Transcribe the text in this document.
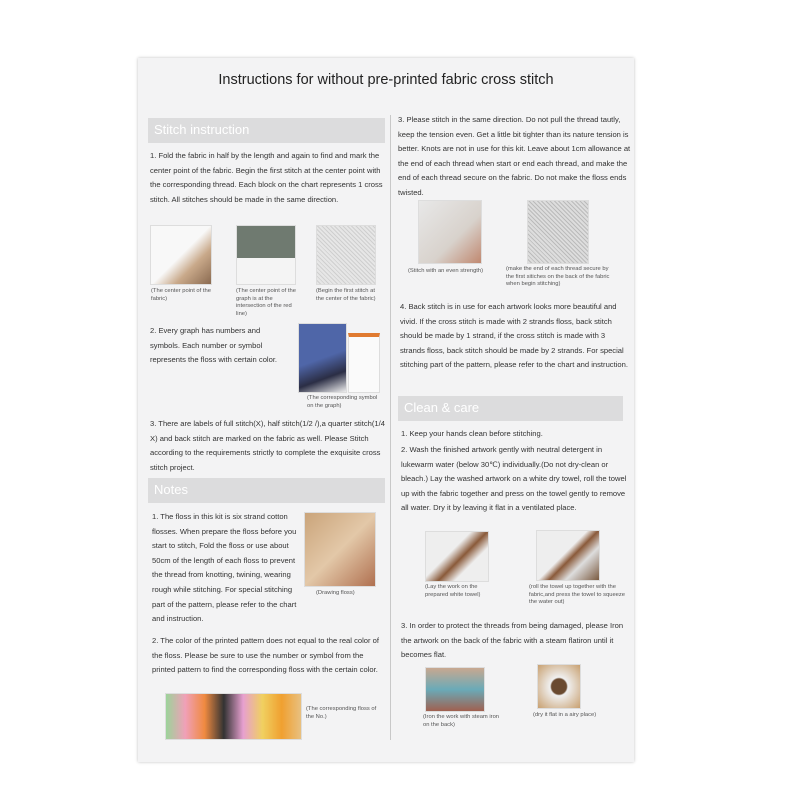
Instructions for without pre-printed fabric cross stitch
Stitch instruction
1. Fold the fabric in half by the length and again to find and mark the center point of the fabric. Begin the first stitch at the center point with the corresponding thread. Each block on the chart represents 1 cross stitch. All stitches should be made in the same direction.
(The center point of the fabric)
(The center point of the graph is at the intersection of the red line)
(Begin the first stitch at the center of the fabric)
2. Every graph has numbers and symbols. Each number or symbol represents the floss with certain color.
(The corresponding symbol on the graph)
3. There are labels of full stitch(X), half stitch(1/2 /),a quarter stitch(1/4 X) and back stitch are marked on the fabric as well. Please Stitch according to the requirements strictly to complete the exquisite cross stitch project.
Notes
1. The floss in this kit is six strand cotton flosses. When prepare the floss before you start to stitch, Fold the floss or use about 50cm of the length of each floss to prevent the thread from knotting, twining, wearing rough while stitching. For special stitching part of the pattern, please refer to the chart and instruction.
(Drawing floss)
2. The color of the printed pattern does not equal to the real color of the floss. Please be sure to use the number or symbol from the printed pattern to find the corresponding floss with the certain color.
(The corresponding floss of the No.)
3. Please stitch in the same direction. Do not pull the thread tautly, keep the tension even. Get a little bit tighter than its nature tension is better. Knots are not in use for this kit. Leave about 1cm allowance at the end of each thread when start or end each thread, and make the end of each thread secure on the fabric. Do not make the floss ends twisted.
(Stitch with an even strength)	(make the end of each thread secure by the first sitiches on the back of the fabric when begin stitching)
4. Back stitch is in use for each artwork looks more beautiful and vivid. If the cross stitch is made with 2 strands floss, back stitch should be made by 1 strand, if the cross stitch is made with 3 strands floss, back stitch should be made by 2 strands. For special stitching part of the pattern, please refer to the chart and instruction.
Clean & care
1. Keep your hands clean before stitching.
2. Wash the finished artwork gently with neutral detergent in lukewarm water (below 30℃) individually.(Do not dry-clean or bleach.) Lay the washed artwork on a white dry towel, roll the towel up with the fabric together and press on the towel gently to remove all water. Dry it by leaving it flat in a ventilated place.
(Lay the work on the prepared white towel)
(roll the towel up together with the fabric,and press the towel to squeeze the water out)
3. In order to protect the threads from being damaged, please Iron the artwork on the back of the fabric with a steam flatiron until it becomes flat.
(Iron the work with steam iron on the back)
(dry it flat in a airy place)
